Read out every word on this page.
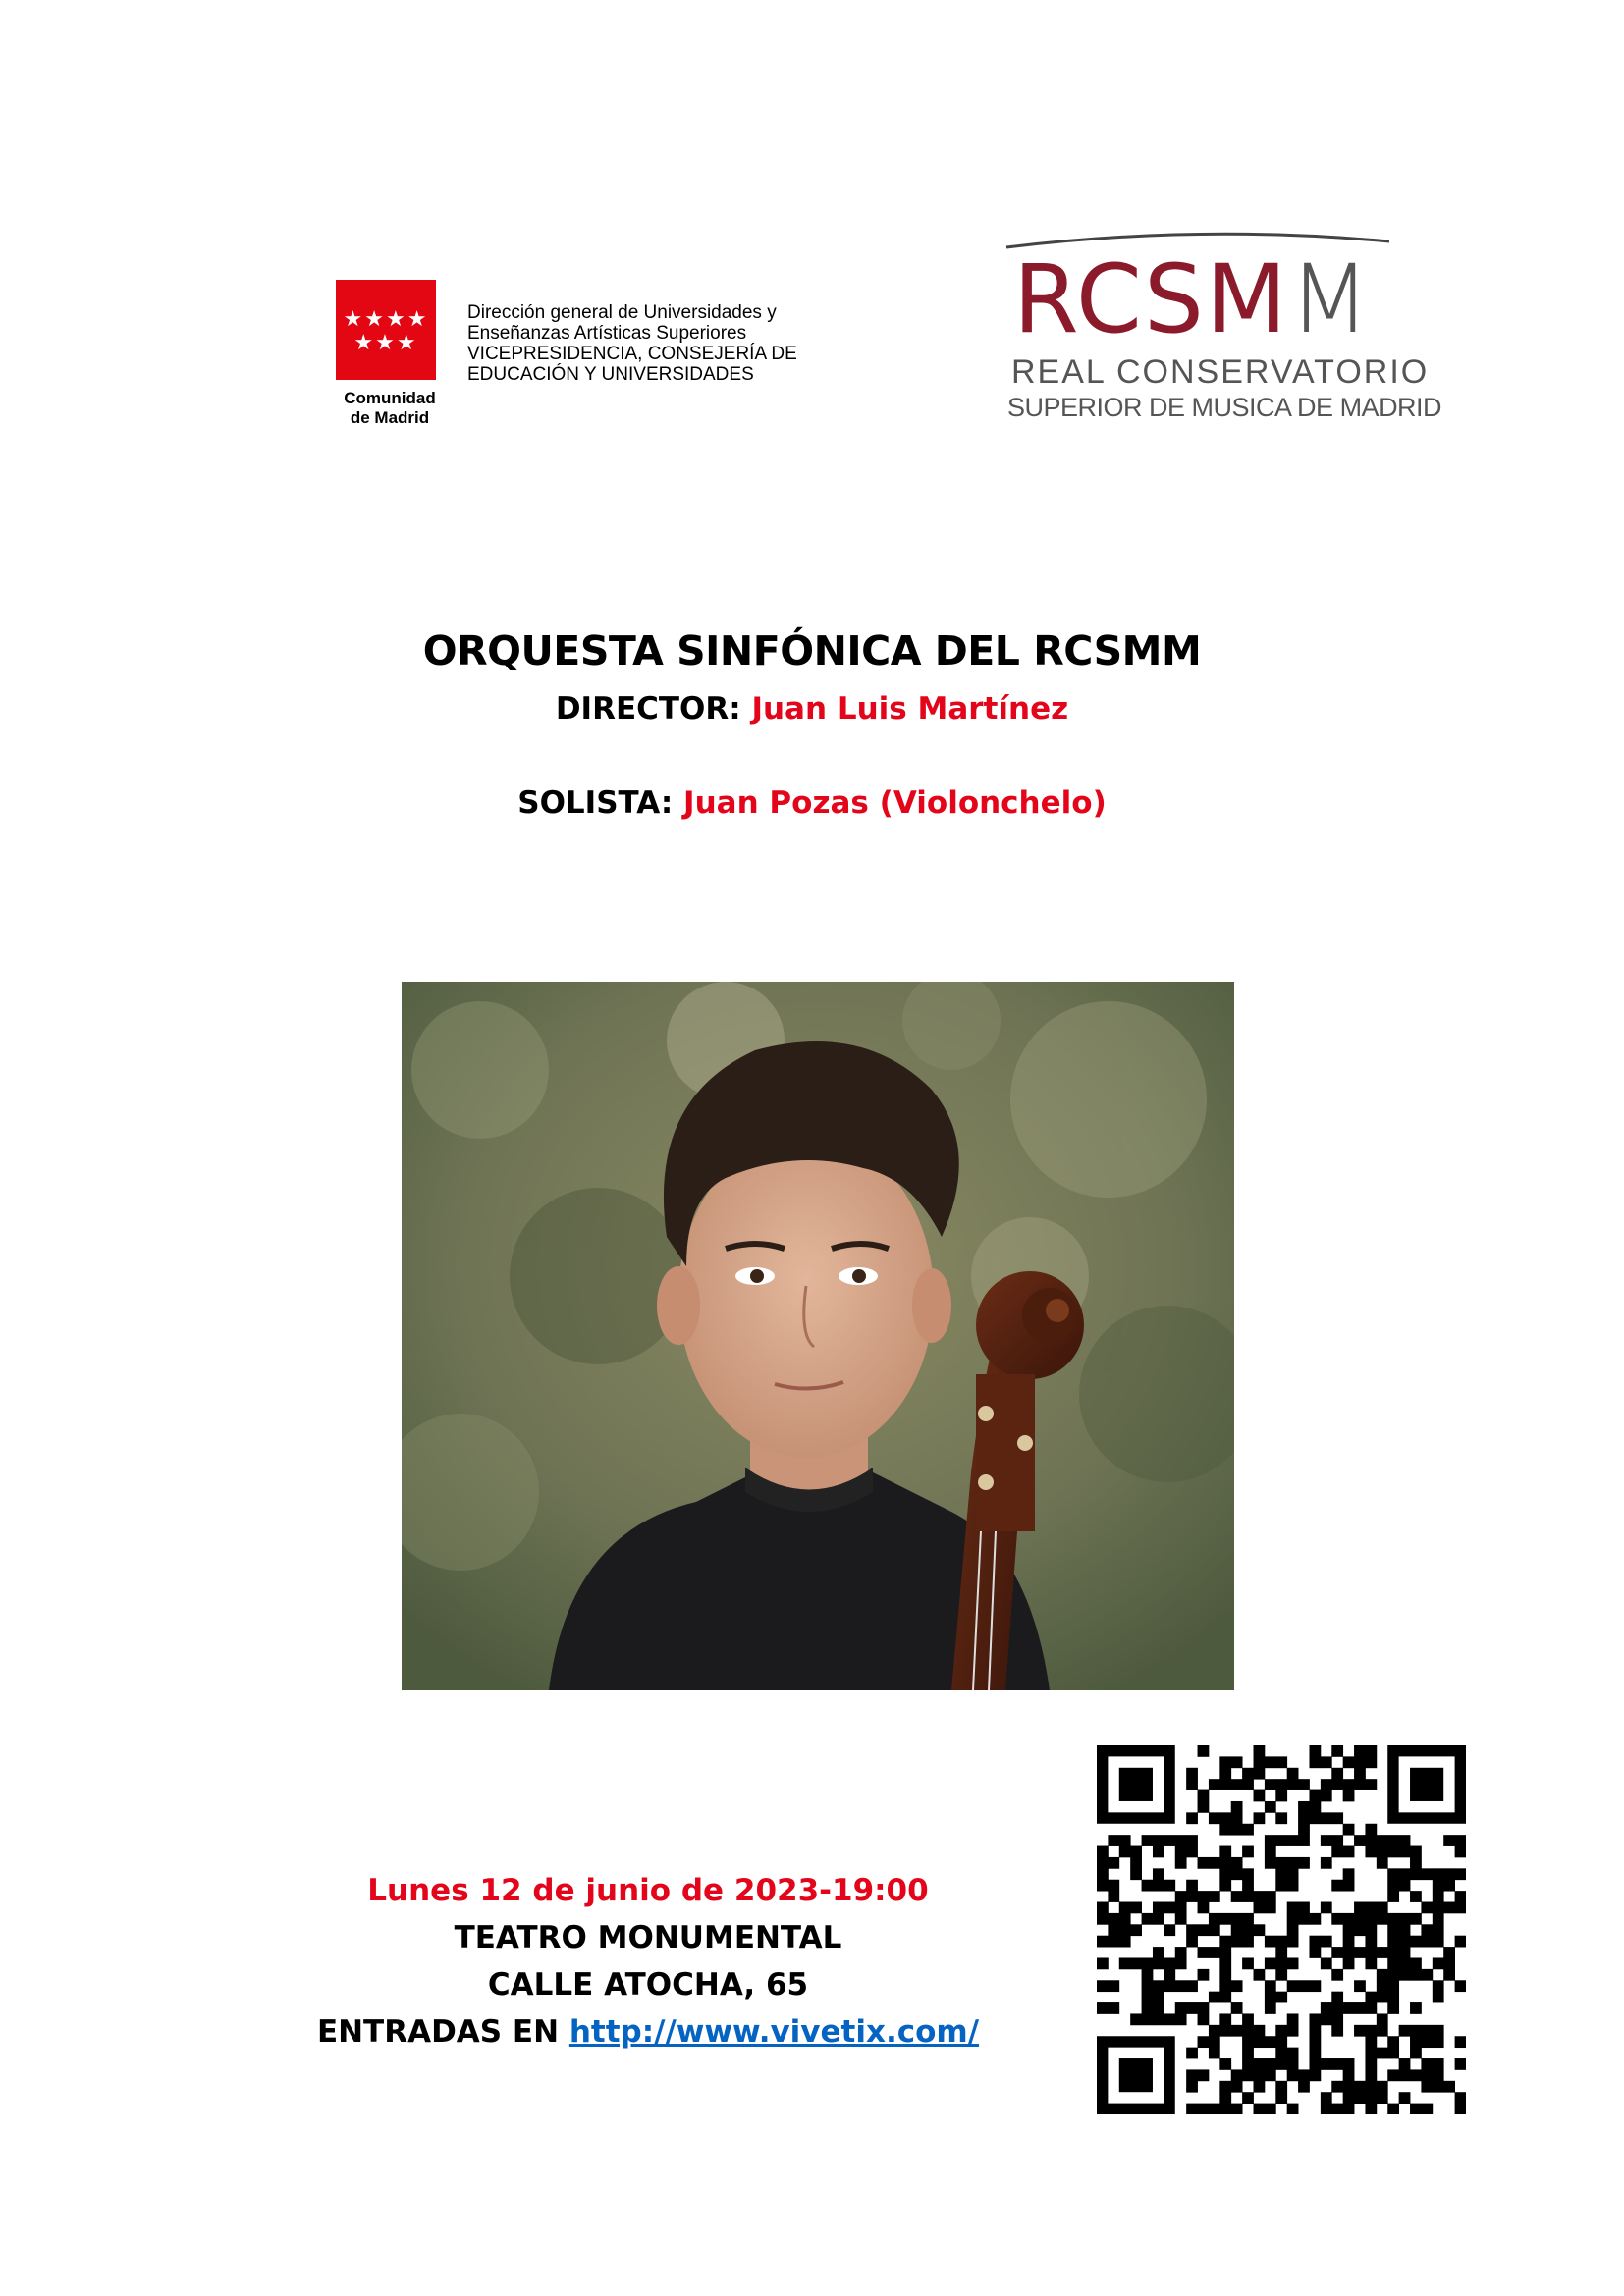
★★★★
★★★
Comunidad
de Madrid
Dirección general de Universidades y
Enseñanzas Artísticas Superiores
VICEPRESIDENCIA, CONSEJERÍA DE
EDUCACIÓN Y UNIVERSIDADES
RCSMM
REAL CONSERVATORIO
SUPERIOR DE MUSICA DE MADRID
ORQUESTA SINFÓNICA DEL RCSMM
DIRECTOR: Juan Luis Martínez
SOLISTA: Juan Pozas (Violonchelo)
Lunes 12 de junio de 2023-19:00
TEATRO MONUMENTAL
CALLE ATOCHA, 65
ENTRADAS EN http://www.vivetix.com/
